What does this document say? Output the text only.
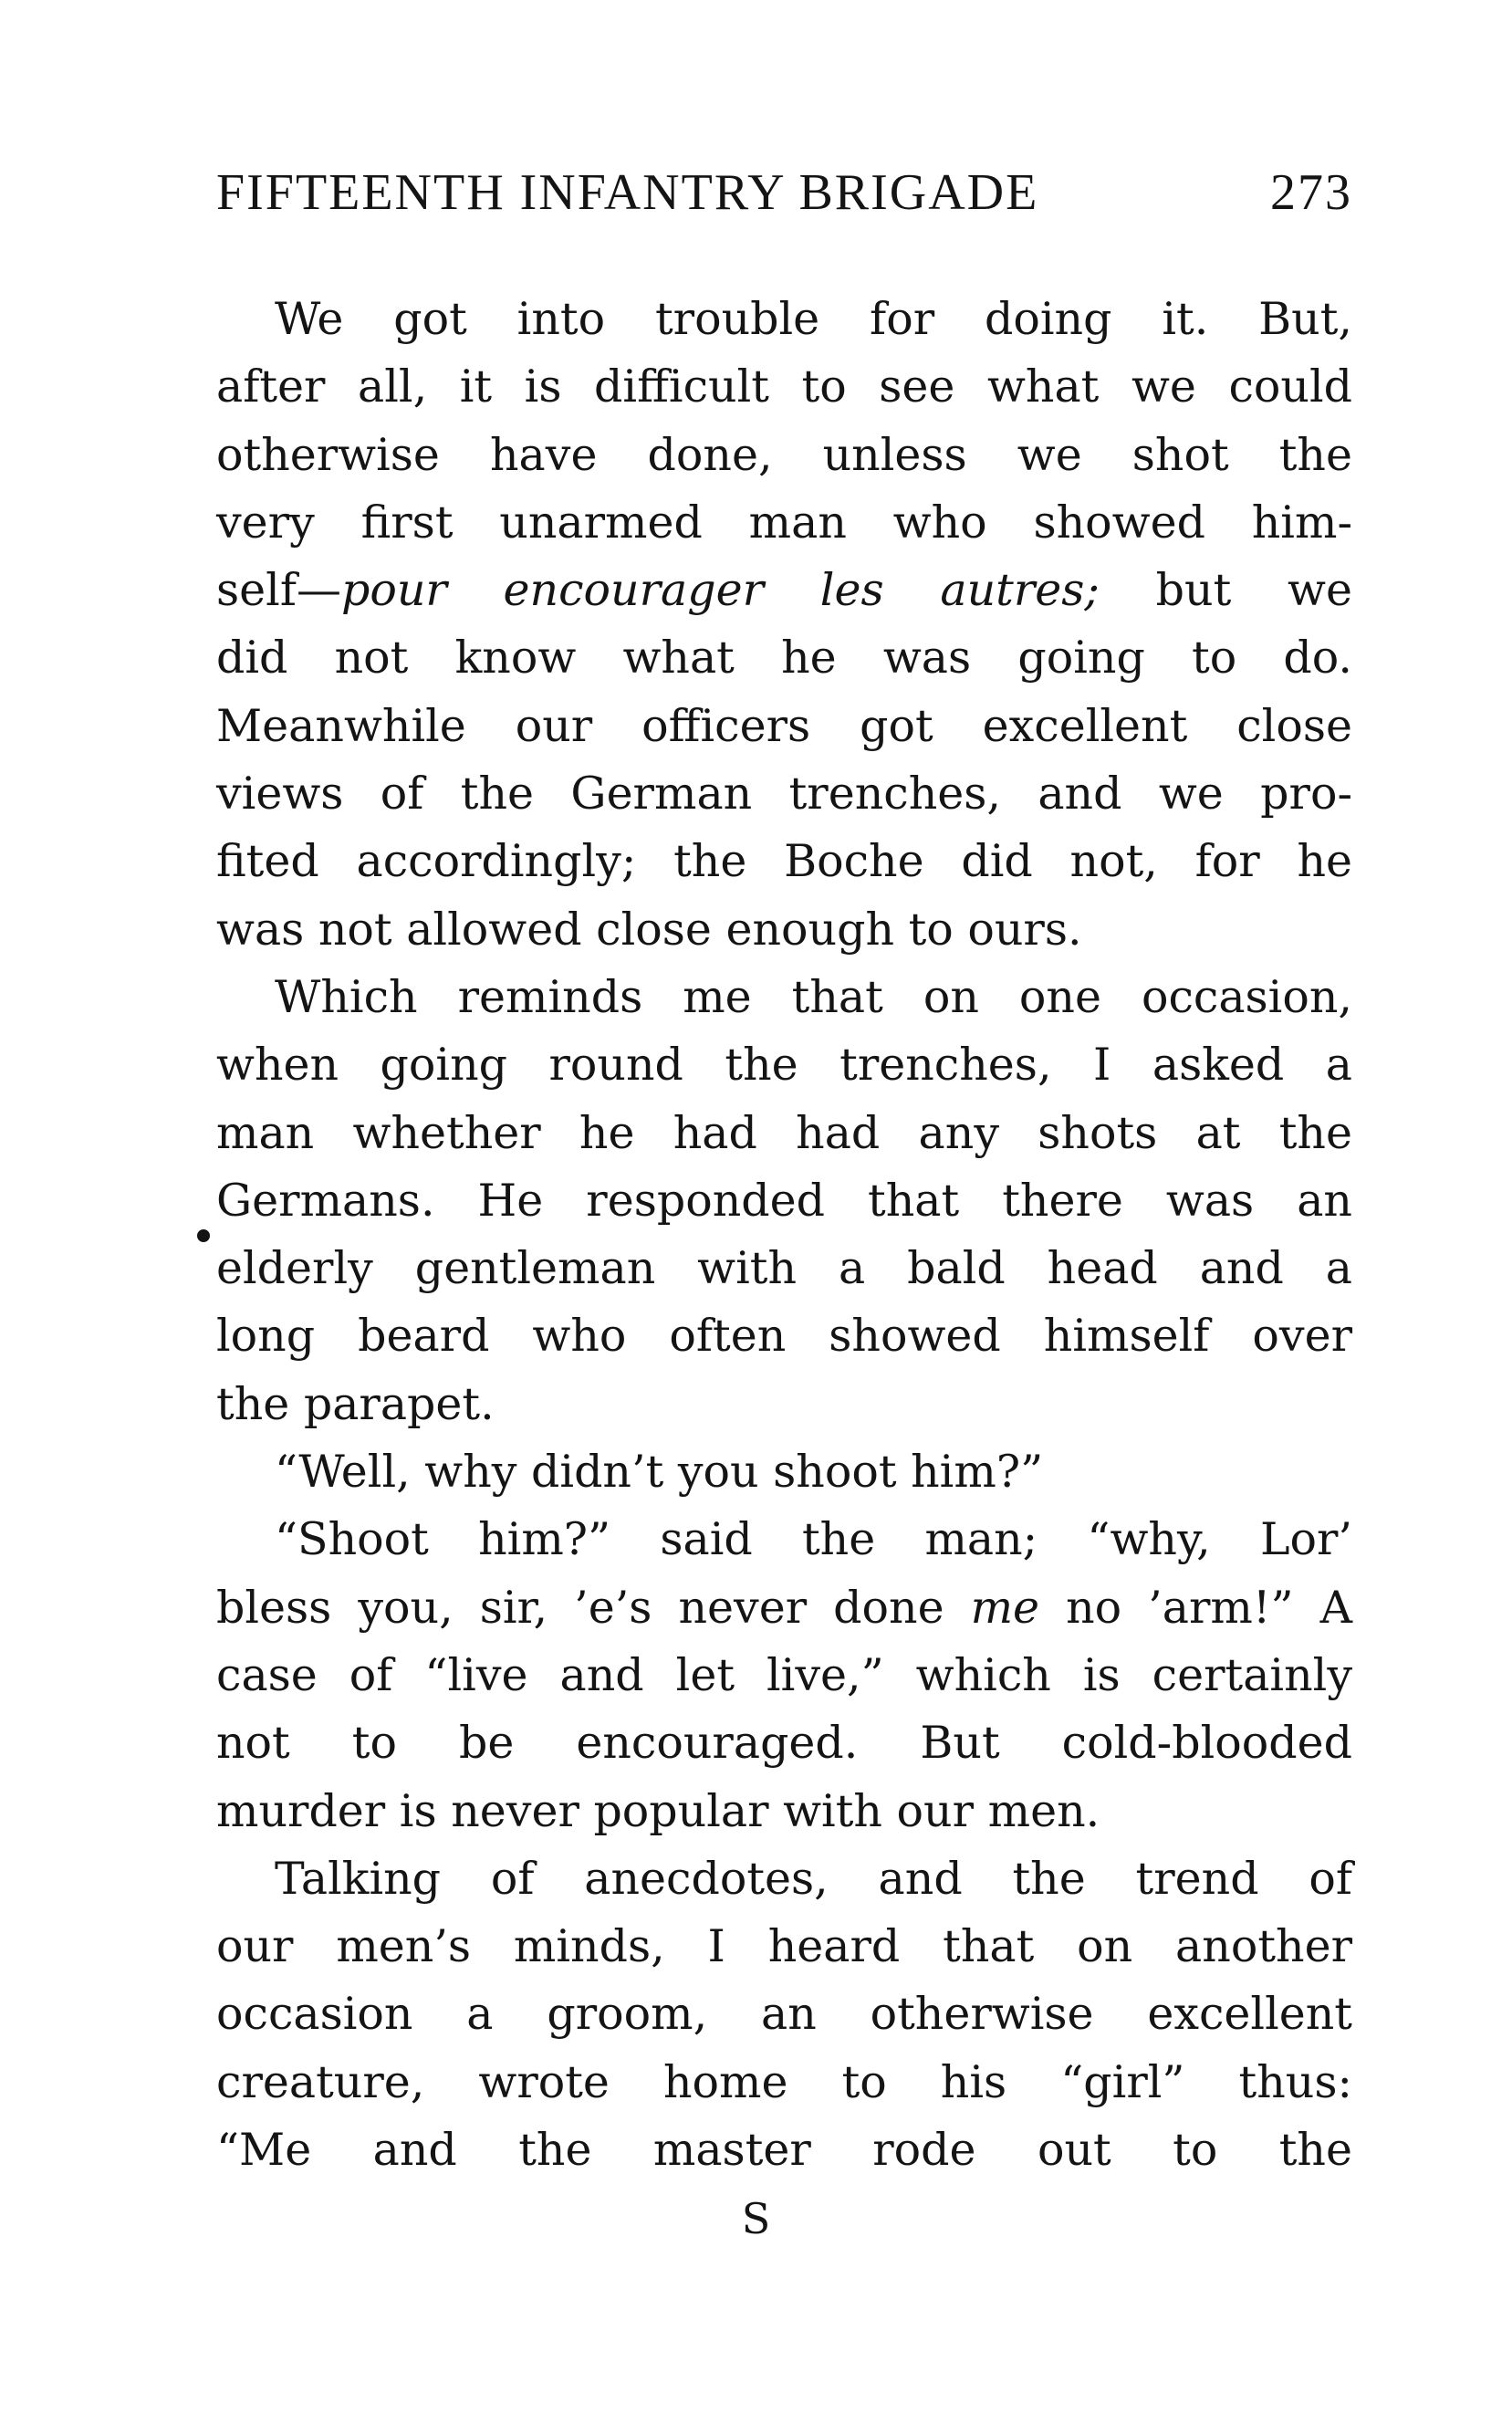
FIFTEENTH INFANTRY BRIGADE	273
We got into trouble for doing it. But,
after all, it is difficult to see what we could
otherwise have done, unless we shot the
very first unarmed man who showed him-
self—pour encourager les autres; but we
did not know what he was going to do.
Meanwhile our officers got excellent close
views of the German trenches, and we pro-
fited accordingly; the Boche did not, for he
was not allowed close enough to ours.
Which reminds me that on one occasion,
when going round the trenches, I asked a
man whether he had had any shots at the
Germans. He responded that there was an
elderly gentleman with a bald head and a
long beard who often showed himself over
the parapet.
“Well, why didn’t you shoot him?”
“Shoot him?” said the man; “why, Lor’
bless you, sir, ’e’s never done me no ’arm!” A
case of “live and let live,” which is certainly
not to be encouraged. But cold-blooded
murder is never popular with our men.
Talking of anecdotes, and the trend of
our men’s minds, I heard that on another
occasion a groom, an otherwise excellent
creature, wrote home to his “girl” thus:
“Me and the master rode out to the
S
